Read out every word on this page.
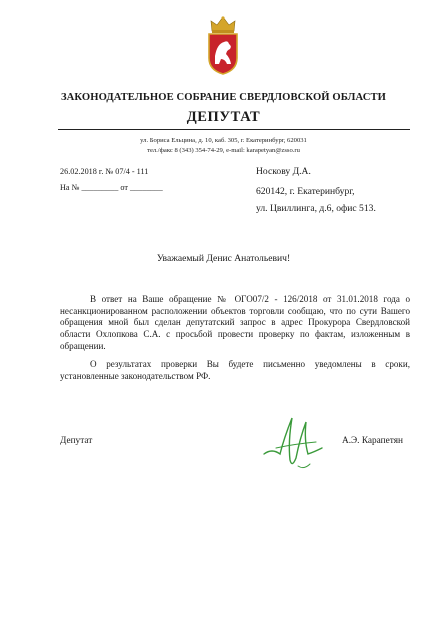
ЗАКОНОДАТЕЛЬНОЕ СОБРАНИЕ СВЕРДЛОВСКОЙ ОБЛАСТИ
ДЕПУТАТ
ул. Бориса Ельцина, д. 10, каб. 305, г. Екатеринбург, 620031
тел./факс 8 (343) 354-74-29, e-mail: karapetyan@zsso.ru
26.02.2018 г. № 07/4 - 111
На № _________ от ________
Носкову Д.А.
620142, г. Екатеринбург,
ул. Цвиллинга, д.6, офис 513.
Уважаемый Денис Анатольевич!
В ответ на Ваше обращение № ОГО07/2 - 126/2018 от 31.01.2018 года о несанкционированном расположении объектов торговли сообщаю, что по сути Вашего обращения мной был сделан депутатский запрос в адрес Прокурора Свердловской области Охлопкова С.А. с просьбой провести проверку по фактам, изложенным в обращении.
О результатах проверки Вы будете письменно уведомлены в сроки, установленные законодательством РФ.
Депутат	А.Э. Карапетян
